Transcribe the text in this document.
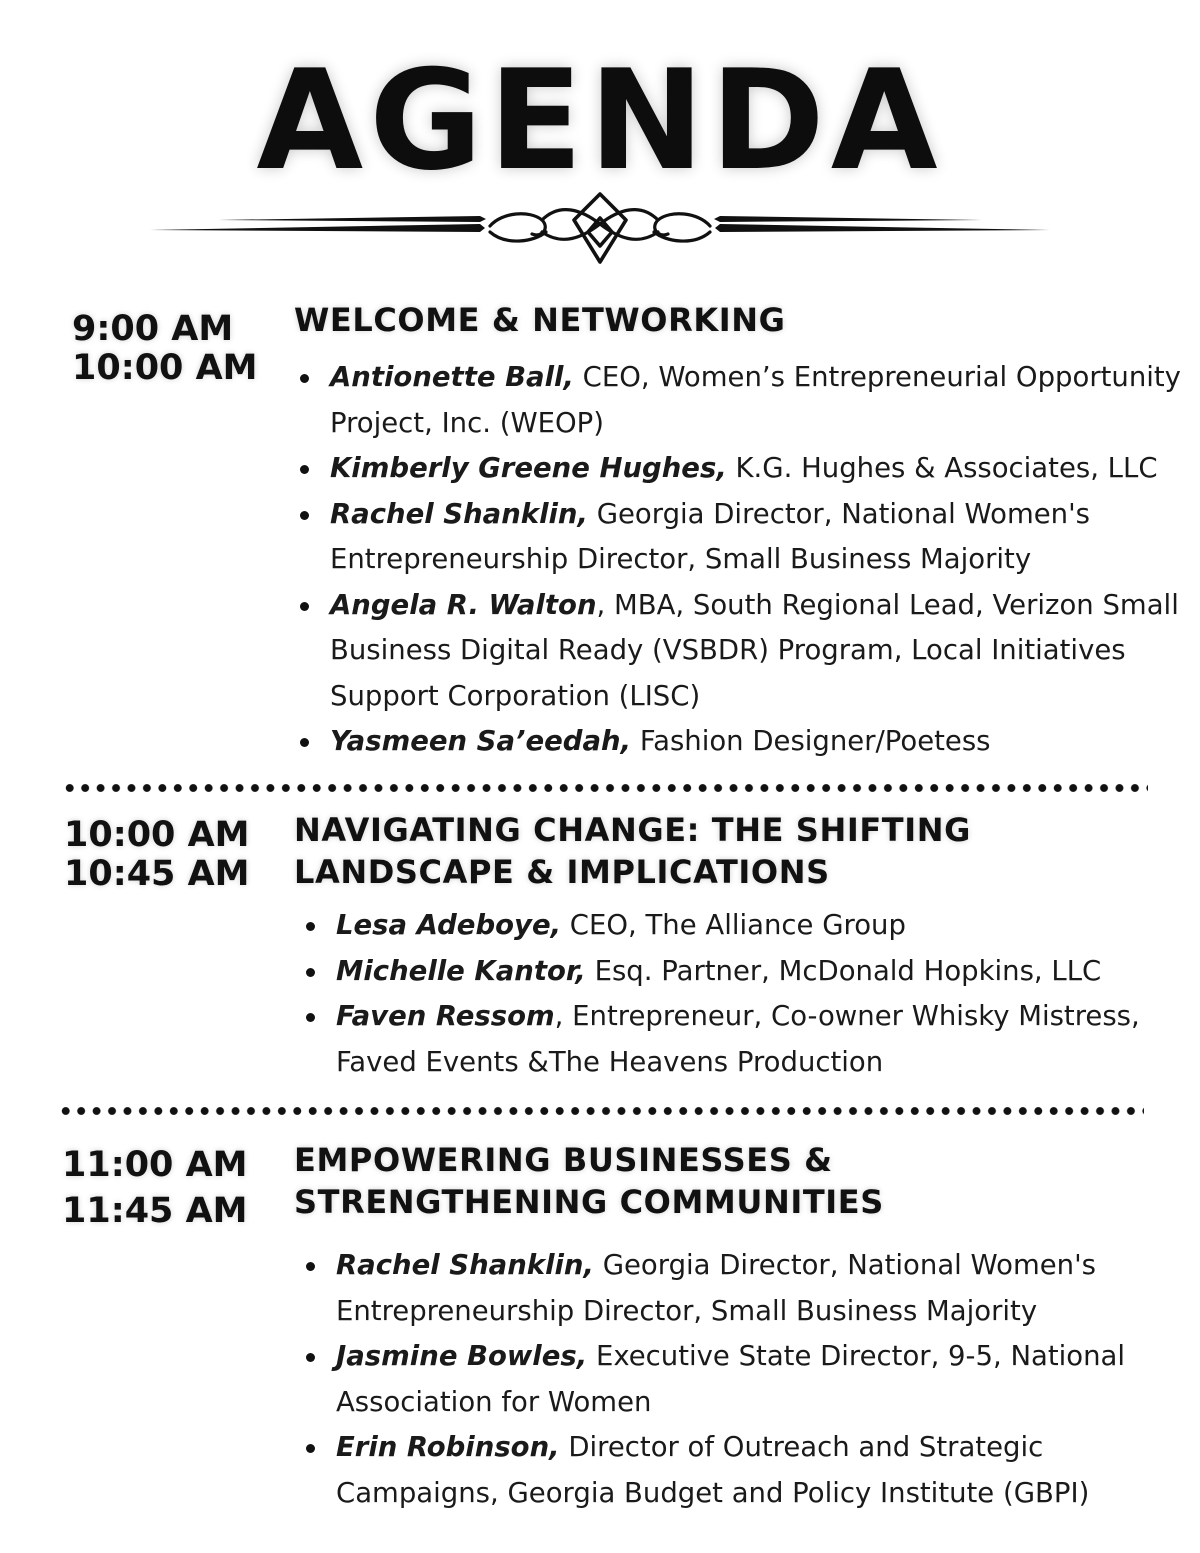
AGENDA
9:00 AM
10:00 AM
WELCOME & NETWORKING
Antionette Ball, CEO, Women’s Entrepreneurial Opportunity Project, Inc. (WEOP)
Kimberly Greene Hughes, K.G. Hughes & Associates, LLC
Rachel Shanklin, Georgia Director, National Women's Entrepreneurship Director, Small Business Majority
Angela R. Walton, MBA, South Regional Lead, Verizon Small Business Digital Ready (VSBDR) Program, Local Initiatives Support Corporation (LISC)
Yasmeen Sa’eedah, Fashion Designer/Poetess
10:00 AM
10:45 AM
NAVIGATING CHANGE: THE SHIFTING LANDSCAPE & IMPLICATIONS
Lesa Adeboye, CEO, The Alliance Group
Michelle Kantor, Esq. Partner, McDonald Hopkins, LLC
Faven Ressom, Entrepreneur, Co-owner Whisky Mistress, Faved Events &The Heavens Production
11:00 AM
11:45 AM
EMPOWERING BUSINESSES & STRENGTHENING COMMUNITIES
Rachel Shanklin, Georgia Director, National Women's Entrepreneurship Director, Small Business Majority
Jasmine Bowles, Executive State Director, 9-5, National Association for Women
Erin Robinson, Director of Outreach and Strategic Campaigns, Georgia Budget and Policy Institute (GBPI)
